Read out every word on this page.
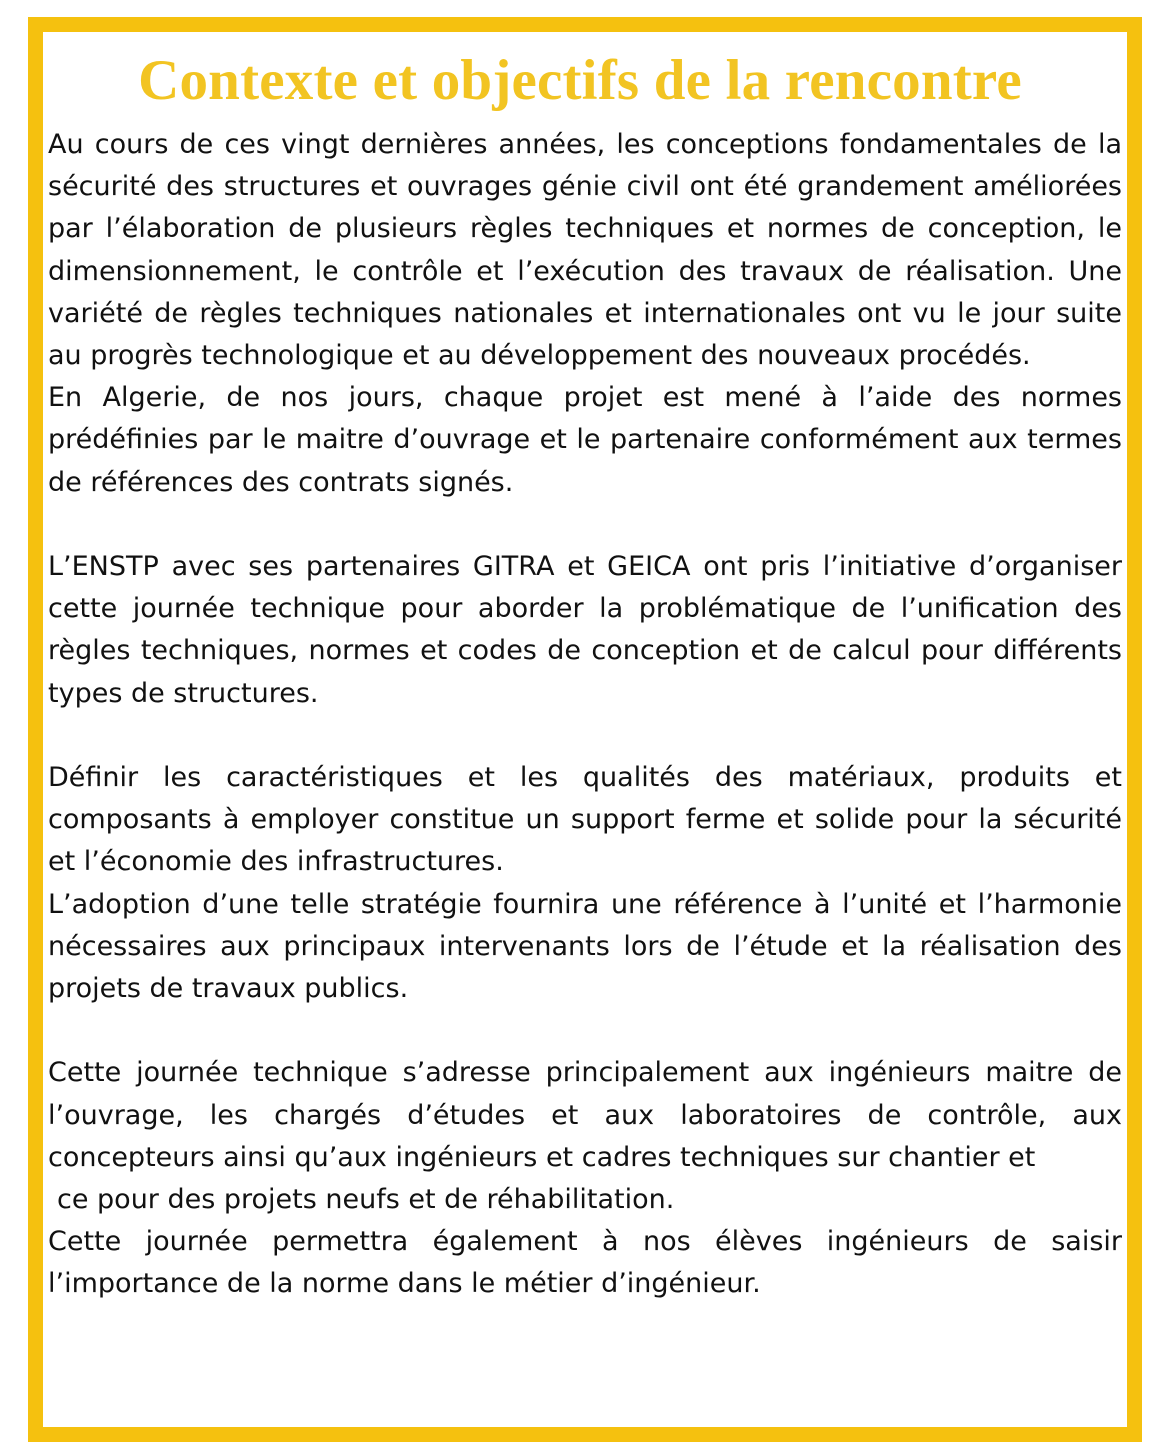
Contexte et objectifs de la rencontre

Au cours de ces vingt dernières années, les conceptions fondamentales de la sécurité des structures et ouvrages génie civil ont été grandement améliorées par l’élaboration de plusieurs règles techniques et normes de conception, le dimensionnement, le contrôle et l’exécution des travaux de réalisation. Une variété de règles techniques nationales et internationales ont vu le jour suite au progrès technologique et au développement des nouveaux procédés.

En Algerie, de nos jours, chaque projet est mené à l’aide des normes prédéfinies par le maitre d’ouvrage et le partenaire conformément aux termes de références des contrats signés.

L’ENSTP avec ses partenaires GITRA et GEICA ont pris l’initiative d’organiser cette journée technique pour aborder la problématique de l’unification des règles techniques, normes et codes de conception et de calcul pour différents types de structures.

Définir les caractéristiques et les qualités des matériaux, produits et composants à employer constitue un support ferme et solide pour la sécurité et l’économie des infrastructures.

L’adoption d’une telle stratégie fournira une référence à l’unité et l’harmonie nécessaires aux principaux intervenants lors de l’étude et la réalisation des projets de travaux publics.

Cette journée technique s’adresse principalement aux ingénieurs maitre de l’ouvrage, les chargés d’études et aux laboratoires de contrôle, aux concepteurs ainsi qu’aux ingénieurs et cadres techniques sur chantier et

ce pour des projets neufs et de réhabilitation.

Cette journée permettra également à nos élèves ingénieurs de saisir l’importance de la norme dans le métier d’ingénieur.
